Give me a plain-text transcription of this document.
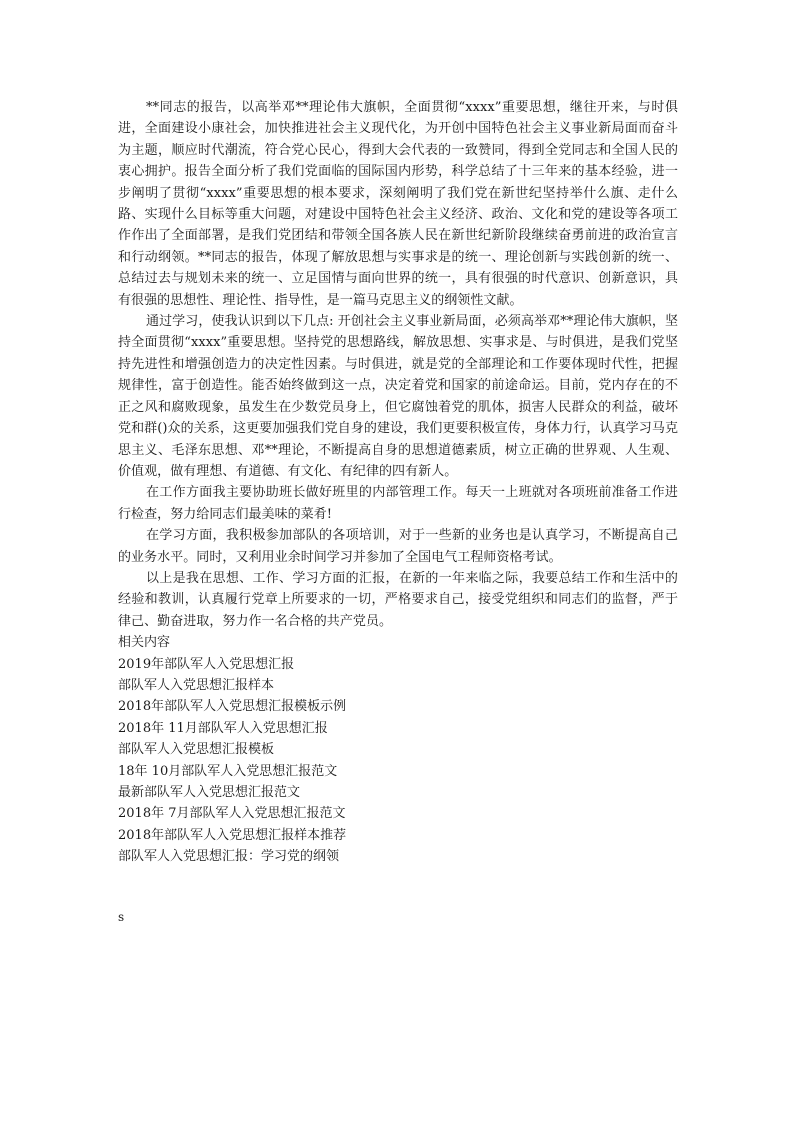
**同志的报告，以高举邓**理论伟大旗帜，全面贯彻“xxxx”重要思想，继往开来，与时俱进，全面建设小康社会，加快推进社会主义现代化，为开创中国特色社会主义事业新局面而奋斗为主题，顺应时代潮流，符合党心民心，得到大会代表的一致赞同，得到全党同志和全国人民的衷心拥护。报告全面分析了我们党面临的国际国内形势，科学总结了十三年来的基本经验，进一步阐明了贯彻“xxxx”重要思想的根本要求，深刻阐明了我们党在新世纪坚持举什么旗、走什么路、实现什么目标等重大问题，对建设中国特色社会主义经济、政治、文化和党的建设等各项工作作出了全面部署，是我们党团结和带领全国各族人民在新世纪新阶段继续奋勇前进的政治宣言和行动纲领。**同志的报告，体现了解放思想与实事求是的统一、理论创新与实践创新的统一、总结过去与规划未来的统一、立足国情与面向世界的统一，具有很强的时代意识、创新意识，具有很强的思想性、理论性、指导性，是一篇马克思主义的纲领性文献。

通过学习，使我认识到以下几点: 开创社会主义事业新局面，必须高举邓**理论伟大旗帜，坚持全面贯彻“xxxx”重要思想。坚持党的思想路线，解放思想、实事求是、与时俱进，是我们党坚持先进性和增强创造力的决定性因素。与时俱进，就是党的全部理论和工作要体现时代性，把握规律性，富于创造性。能否始终做到这一点，决定着党和国家的前途命运。目前，党内存在的不正之风和腐败现象，虽发生在少数党员身上，但它腐蚀着党的肌体，损害人民群众的利益，破坏党和群()众的关系，这更要加强我们党自身的建设，我们更要积极宣传，身体力行，认真学习马克思主义、毛泽东思想、邓**理论，不断提高自身的思想道德素质，树立正确的世界观、人生观、价值观，做有理想、有道德、有文化、有纪律的四有新人。

在工作方面我主要协助班长做好班里的内部管理工作。每天一上班就对各项班前准备工作进行检查，努力给同志们最美味的菜肴!

在学习方面，我积极参加部队的各项培训，对于一些新的业务也是认真学习，不断提高自己的业务水平。同时，又利用业余时间学习并参加了全国电气工程师资格考试。

以上是我在思想、工作、学习方面的汇报，在新的一年来临之际，我要总结工作和生活中的经验和教训，认真履行党章上所要求的一切，严格要求自己，接受党组织和同志们的监督，严于律己、勤奋进取，努力作一名合格的共产党员。

相关内容

2019年部队军人入党思想汇报
部队军人入党思想汇报样本
2018年部队军人入党思想汇报模板示例
2018年 11月部队军人入党思想汇报
部队军人入党思想汇报模板
18年 10月部队军人入党思想汇报范文
最新部队军人入党思想汇报范文
2018年 7月部队军人入党思想汇报范文
2018年部队军人入党思想汇报样本推荐
部队军人入党思想汇报：学习党的纲领
s
